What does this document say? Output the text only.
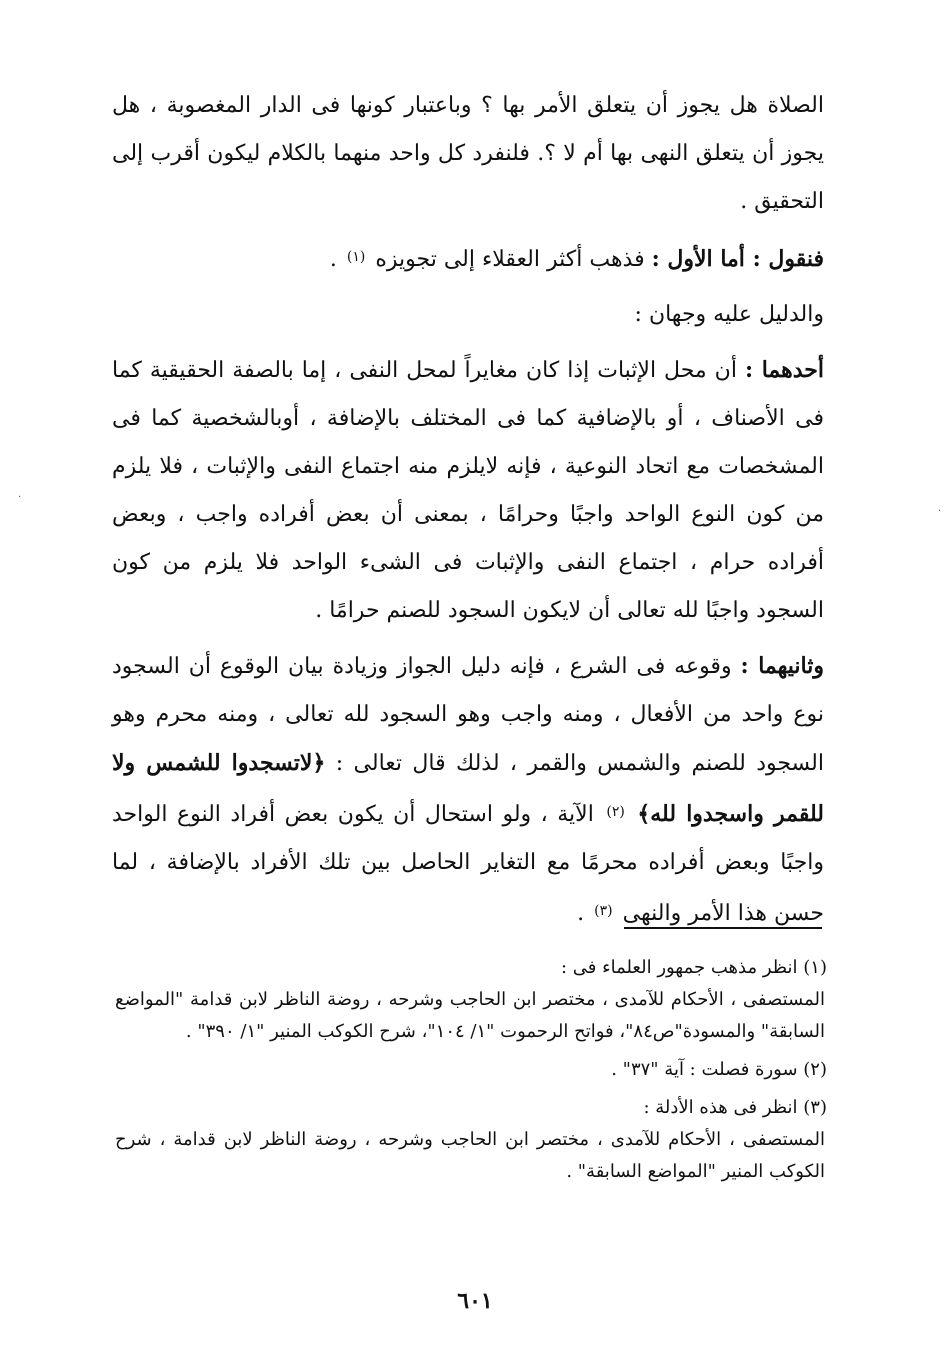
الصلاة هل يجوز أن يتعلق الأمر بها ؟ وباعتبار كونها فى الدار المغصوبة ، هل يجوز أن يتعلق النهى بها أم لا ؟. فلنفرد كل واحد منهما بالكلام ليكون أقرب إلى التحقيق .

فنقول : أما الأول : فذهب أكثر العقلاء إلى تجويزه $^{(١)}$ .

والدليل عليه وجهان :

أحدهما : أن محل الإثبات إذا كان مغايراً لمحل النفى ، إما بالصفة الحقيقية كما فى الأصناف ، أو بالإضافية كما فى المختلف بالإضافة ، أوبالشخصية كما فى المشخصات مع اتحاد النوعية ، فإنه لايلزم منه اجتماع النفى والإثبات ، فلا يلزم من كون النوع الواحد واجبًا وحرامًا ، بمعنى أن بعض أفراده واجب ، وبعض أفراده حرام ، اجتماع النفى والإثبات فى الشىء الواحد فلا يلزم من كون السجود واجبًا لله تعالى أن لايكون السجود للصنم حرامًا .

وثانيهما : وقوعه فى الشرع ، فإنه دليل الجواز وزيادة بيان الوقوع أن السجود نوع واحد من الأفعال ، ومنه واجب وهو السجود لله تعالى ، ومنه محرم وهو السجود للصنم والشمس والقمر ، لذلك قال تعالى : ﴿لاتسجدوا للشمس ولا للقمر واسجدوا لله﴾ $^{(٢)}$ الآية ، ولو استحال أن يكون بعض أفراد النوع الواحد واجبًا وبعض أفراده محرمًا مع التغاير الحاصل بين تلك الأفراد بالإضافة ، لما حسن هذا الأمر والنهى $^{(٣)}$ .

(١) انظر مذهب جمهور العلماء فى :

المستصفى ، الأحكام للآمدى ، مختصر ابن الحاجب وشرحه ، روضة الناظر لابن قدامة "المواضع السابقة" والمسودة"ص٨٤"، فواتح الرحموت "١/ ١٠٤"، شرح الكوكب المنير "١/ ٣٩٠" .

(٢) سورة فصلت : آية "٣٧" .

(٣) انظر فى هذه الأدلة :

المستصفى ، الأحكام للآمدى ، مختصر ابن الحاجب وشرحه ، روضة الناظر لابن قدامة ، شرح الكوكب المنير "المواضع السابقة" .

٦٠١
·
·
